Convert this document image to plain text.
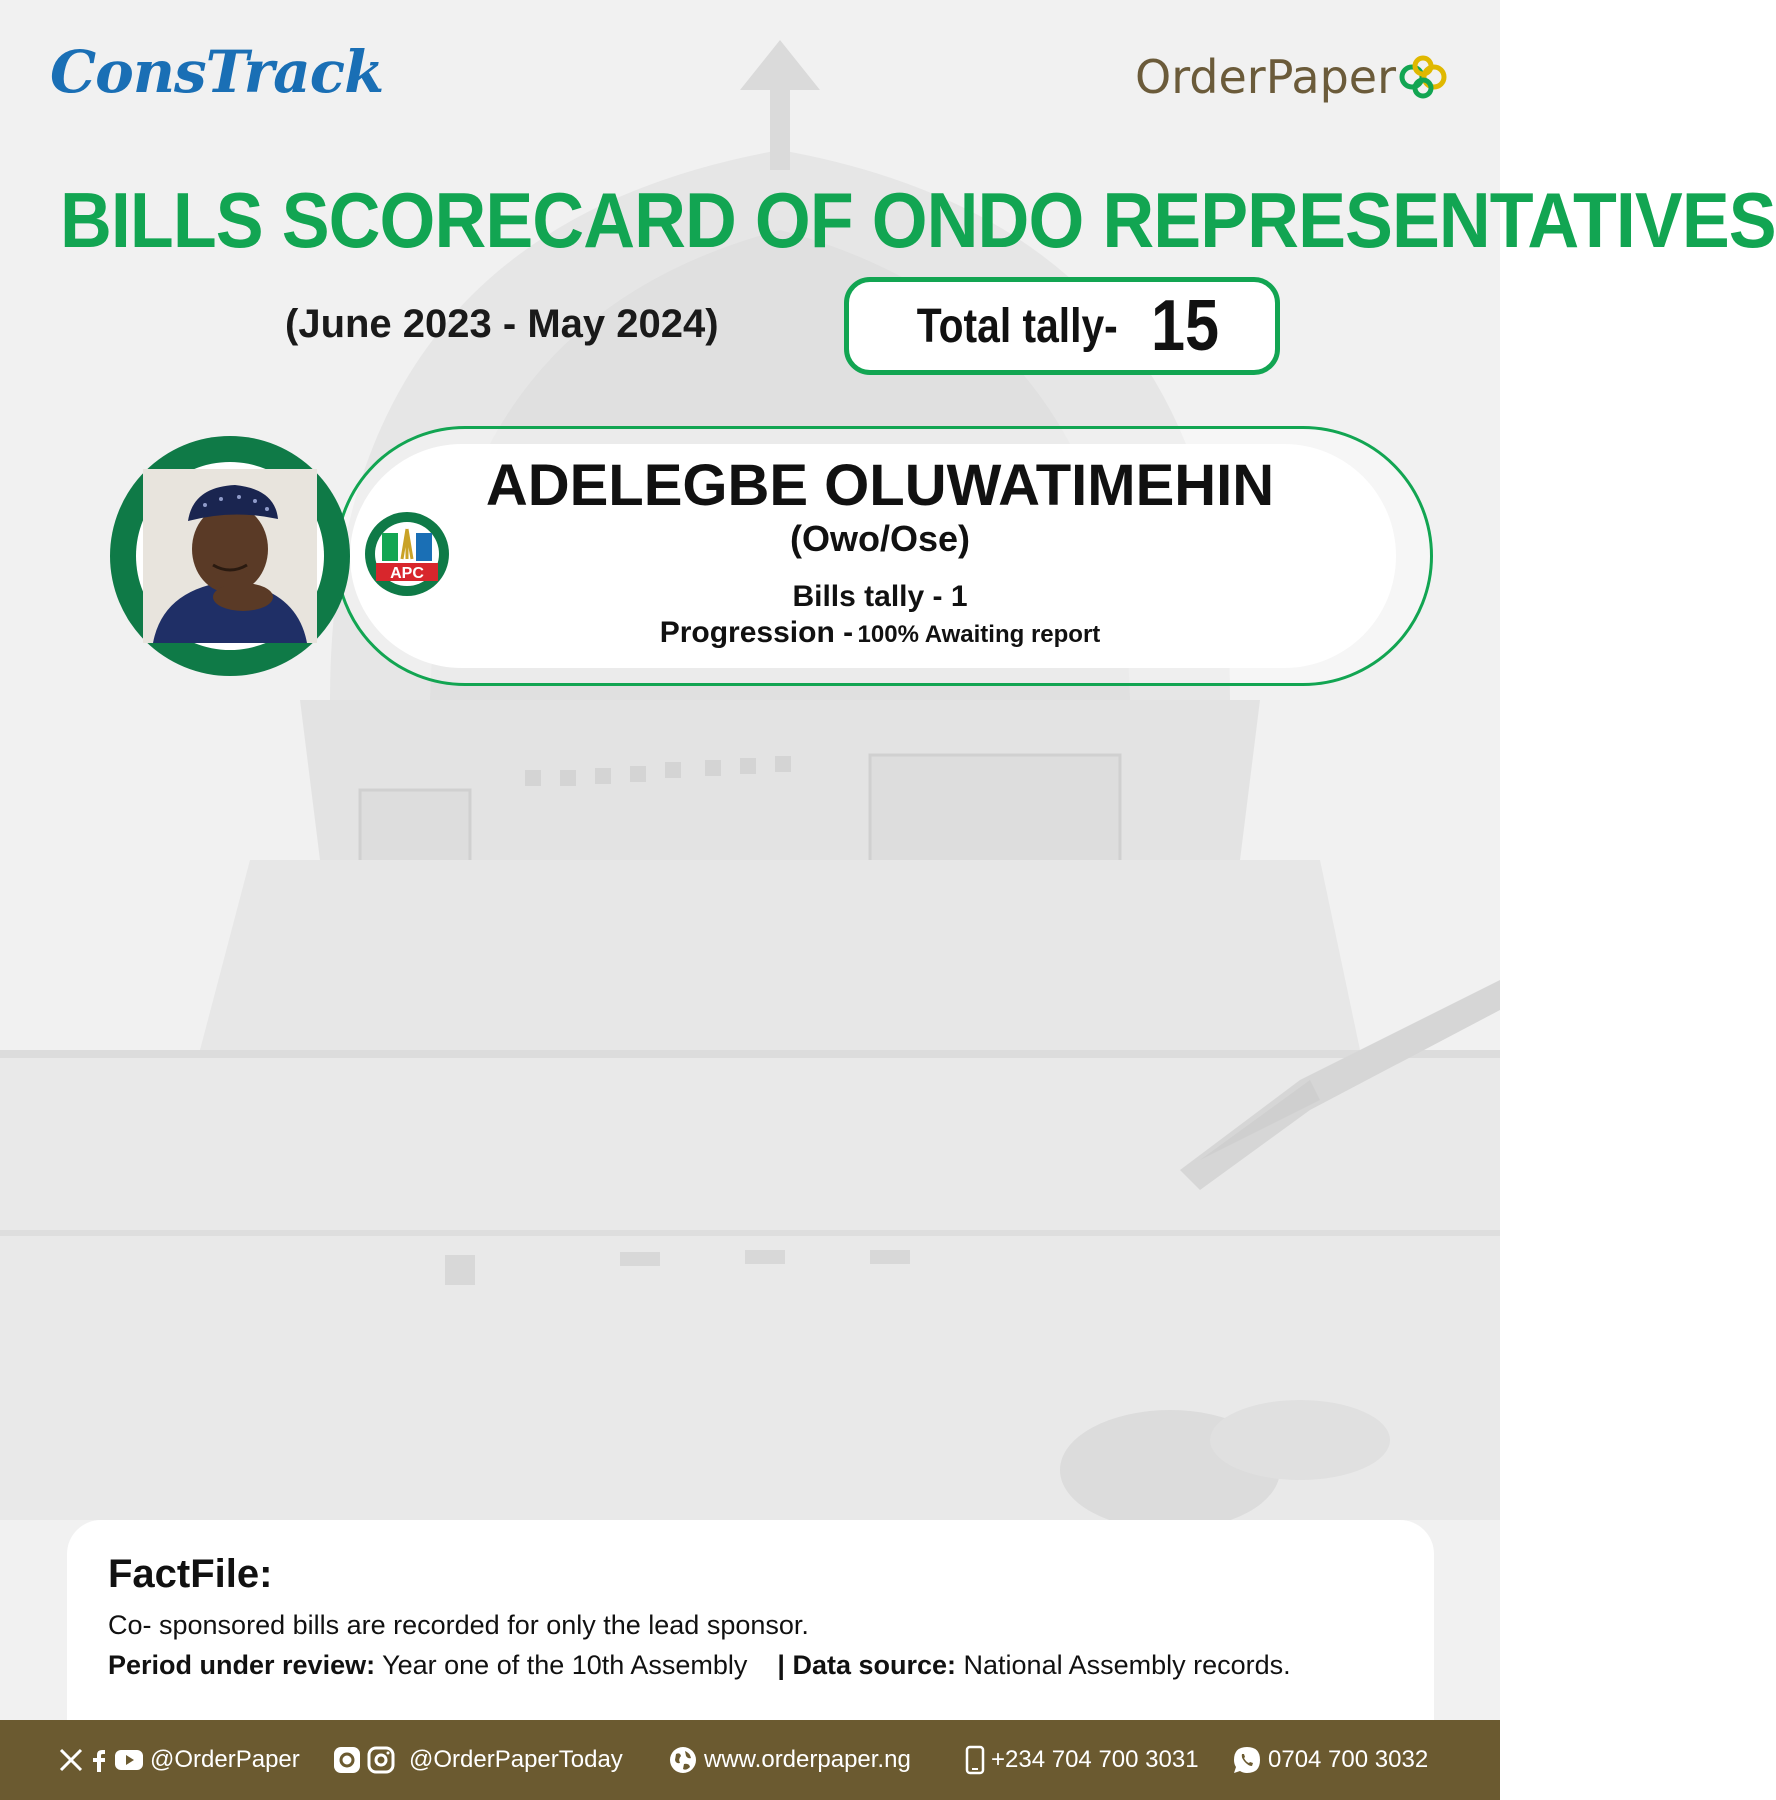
ConsTrack	OrderPaper
BILLS SCORECARD OF ONDO REPRESENTATIVES
(June 2023 - May 2024)	Total tally- 15
APC
ADELEGBE OLUWATIMEHIN
(Owo/Ose)
Bills tally - 1
Progression - 100% Awaiting report
FactFile:
Co- sponsored bills are recorded for only the lead sponsor.
Period under review: Year one of the 10th Assembly | Data source: National Assembly records.
@OrderPaper	@OrderPaperToday	www.orderpaper.ng	+234 704 700 3031	0704 700 3032
